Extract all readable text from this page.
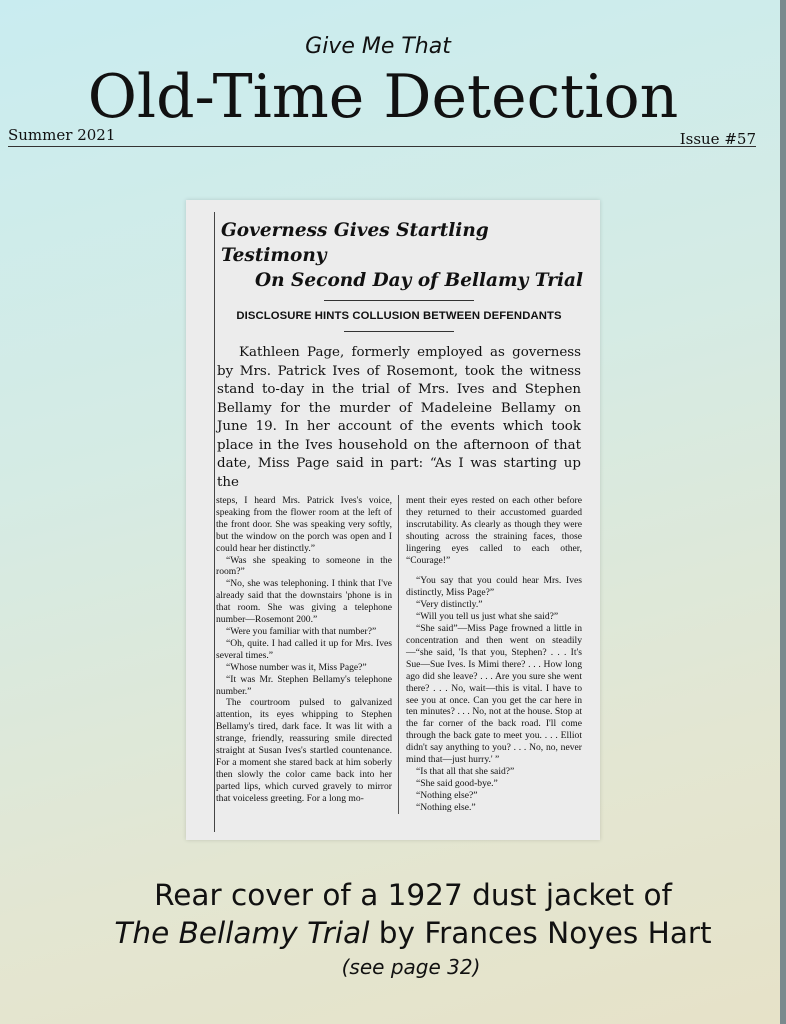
Give Me That
Old-Time Detection
Summer 2021	Issue #57
Governess Gives Startling Testimony
On Second Day of Bellamy Trial
DISCLOSURE HINTS COLLUSION BETWEEN DEFENDANTS

Kathleen Page, formerly employed as governess by Mrs. Patrick Ives of Rosemont, took the witness stand to-day in the trial of Mrs. Ives and Stephen Bellamy for the murder of Madeleine Bellamy on June 19. In her account of the events which took place in the Ives household on the afternoon of that date, Miss Page said in part: “As I was starting up the

steps, I heard Mrs. Patrick Ives's voice, speaking from the flower room at the left of the front door. She was speaking very softly, but the window on the porch was open and I could hear her distinctly.”

“Was she speaking to someone in the room?”

“No, she was telephoning. I think that I've already said that the downstairs 'phone is in that room. She was giving a telephone number—Rosemont 200.”

“Were you familiar with that number?”

“Oh, quite. I had called it up for Mrs. Ives several times.”

“Whose number was it, Miss Page?”

“It was Mr. Stephen Bellamy's telephone number.”

The courtroom pulsed to galvanized attention, its eyes whipping to Stephen Bellamy's tired, dark face. It was lit with a strange, friendly, reassuring smile directed straight at Susan Ives's startled countenance. For a moment she stared back at him soberly then slowly the color came back into her parted lips, which curved gravely to mirror that voiceless greeting. For a long mo-

ment their eyes rested on each other before they returned to their accustomed guarded inscrutability. As clearly as though they were shouting across the straining faces, those lingering eyes called to each other, “Courage!”

“You say that you could hear Mrs. Ives distinctly, Miss Page?”

“Very distinctly.”

“Will you tell us just what she said?”

“She said”—Miss Page frowned a little in concentration and then went on steadily—“she said, 'Is that you, Stephen? . . . It's Sue—Sue Ives. Is Mimi there? . . . How long ago did she leave? . . . Are you sure she went there? . . . No, wait—this is vital. I have to see you at once. Can you get the car here in ten minutes? . . . No, not at the house. Stop at the far corner of the back road. I'll come through the back gate to meet you. . . . Elliot didn't say anything to you? . . . No, no, never mind that—just hurry.' ”

“Is that all that she said?”

“She said good-bye.”

“Nothing else?”

“Nothing else.”

Rear cover of a 1927 dust jacket of
The Bellamy Trial by Frances Noyes Hart
(see page 32)
